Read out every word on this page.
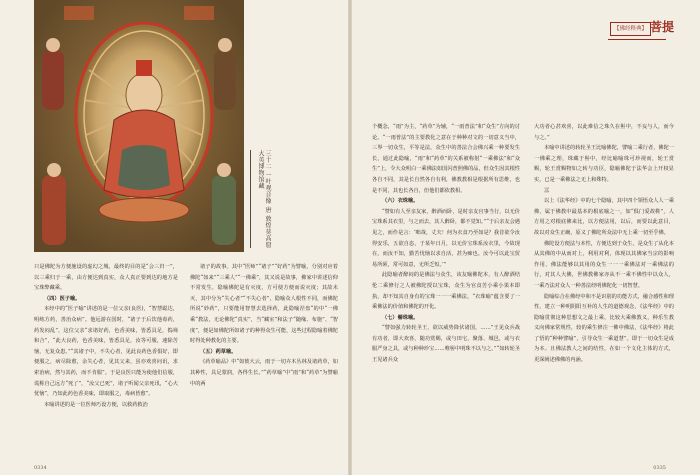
三十二 一叶观音像 唐 敦煌莫高窟 大英博物馆藏

只是佛陀为方便施设的虚幻之城，最终的目的是“会三归一”，以三乘归于一乘，由方便达到真实，众人真正要到达的地方是宝珠弊藏乘。

（四）医子喻。

本经中的“医子喻”讲述的是一位父亲(良医)，“智慧聪达，明练方药，善治众病”。他远游在国时，“诸子于后饮他毒药，药发闷乱”，这位父亲“求诸好药，色香美味，皆悉具足，捣筛和合”，“此大良药，色香美味，皆悉具足，汝等可服，速除苦恼，无复众患。”“其诸子中，不失心者，见此良药色香俱好，即便服之，病尽除愈，余失心者，见其父来，虽亦欢喜问讯，求索治病，然与其药，而不肯服”。于是良医只能为使他们信服，谎称自己远方“死了”，“汝父已死”，诸子听闻父亲死讯，“心大忧恼”，乃知此药色香美味，即取服之，毒病皆愈”。

本喻讲述的是一位医师巧设方便，以救药救治

诸子的故事。其中“医师”“诸子”“好药”为譬喻，分别对应着佛陀“如来”“三乘人”“一佛乘”，其又说是故事，佛家中讲述信仰不常发生，隐喻佛陀是有灭度，方可使方便而说灭度；其故未灭，其中分为“失心者”“不失心者”，隐喻众人根性不同，而佛陀所说“妙药”，只要能用智慧去选择药，此隐喻涅盘“的中“一佛乘“教法，无论佛陀“真实”，当“藏室”和法子“随缘、布施”、“智度”，便是如佛陀所如诸子的种得众生可能，这些过程隐喻着佛陀时得处种教化的主要。

（五）药草喻。

《药草喻品》中“如彼大云，雨于一切卉木丛林及诸药草，如其种性，具足蒙润，各得生长。”“药草喻”中“雨”和“药草”为譬喻中的两

0334	0335
【佛经释典】 菩提

个概念，“雨”为主，“药草”为辅，“一雨普法”和“众生”方向的讨论。“一雨普法”的主要教化之意在于种种对文的一切意义当中，三界一切众生，平等是法，众生中的善法合会佛兴乘一种要发生长，通过此隐喻，“雨”和“药草”的关系被称射“一乘佛法”和“众生”上，令大众明白一乘佛法如国闪普照佛的品，但众生因其根性各自不同，其是长自然各自有利，佛教教相是根据所有思维，也是不同，其也长各自，但他们都依教相。

（六）衣珠喻。

“譬如有人至亲友家，醉酒而卧，是时亲友官事当行，以无价宝珠系其衣里，与之而去，其人醉卧，都不觉知。”“于后亲友会遇见之，而作是言：‘咄哉，丈夫！何为衣食乃至如是？我昔欲令汝得安乐，五欲自恣，于某年日月，以无价宝珠系汝衣里，今故现在，而汝不知，勤苦忧恼以求自活，甚为痴也。汝今可以此宝贸易所须，常可如意，无所乏短。’”

此隐喻者醉闷的是佛法与众生，该友喻佛陀本，有人醉酒结伦二乘修行之人被佛陀授以宝珠，众生为官食苦小乘小果本即执，却不知其自身有的宝珠一一一乘佛法，“衣珠喻”蕴含要了一乘佛法的价值和佛陀的开化。

（七）髻珠喻。

“譬如强力转轮圣王，欲以威势降伏诸国，……”王见众兵战有功者，即大欢喜，随功赏赐，或与田宅，聚落、城邑，或与衣服严身之具，或与种种珍宝……唯髻中明珠不以与之。”“如转轮圣王见诸兵众

大功者心甚欢喜，以此难信之珠久在髻中，不妄与人，而今与之。”

本喻中讲述的转轮圣王比喻佛陀，譬喻二乘行者，佛陀一一佛乘之理，珠藏于髻中，经比喻喻珠可珍视而，轮王赏赐，轮王赏赐物如之转与功臣，隐喻佛陀于法华会上开权显实，已是一乘佛法之无上和殊特。

三

以上《法华经》中的七个隐喻，其中四个领悟众人人一乘佛，属于佛教中最基本的根底喻之一，如“俱门爱故鞋”，人方用之对根底佛来比，以方便法用，以后，而要以此意目，故以对众生正确，原义了佛陀所众法中无上乘一切至乎佛。

佛陀设方便法与本性，方便达到于众生，是众生了从化本从其佛的中从而对上，利用对利，体现以其佛家当宗的影响作用，佛法能够以其用的众生一一一乘佛法对一乘佛法的行，对其人大佛，世佛教佛家亦从不一乘不佛性中以众人，一乘乃法对众人一种善法经明佛陀化一切智慧。

隐喻综合在佛经中和不是识别的功能方式，融合感性和理性，建立一种明阴阳互补的人生的道德观念，《法华经》中的隐喻贯彻这种思想文之最上乘，比较大乘佛教义，种乐生教义向佛家常规性，较的乘生修注一佛中佛法，《法华经》将此了悟的“种种譬喻”，引导众生一乘道慧”。即于一切众生是成为本。且佛法教人之间的结性，在如一个文化主体的方式，更深阐述佛佛的内涵。
